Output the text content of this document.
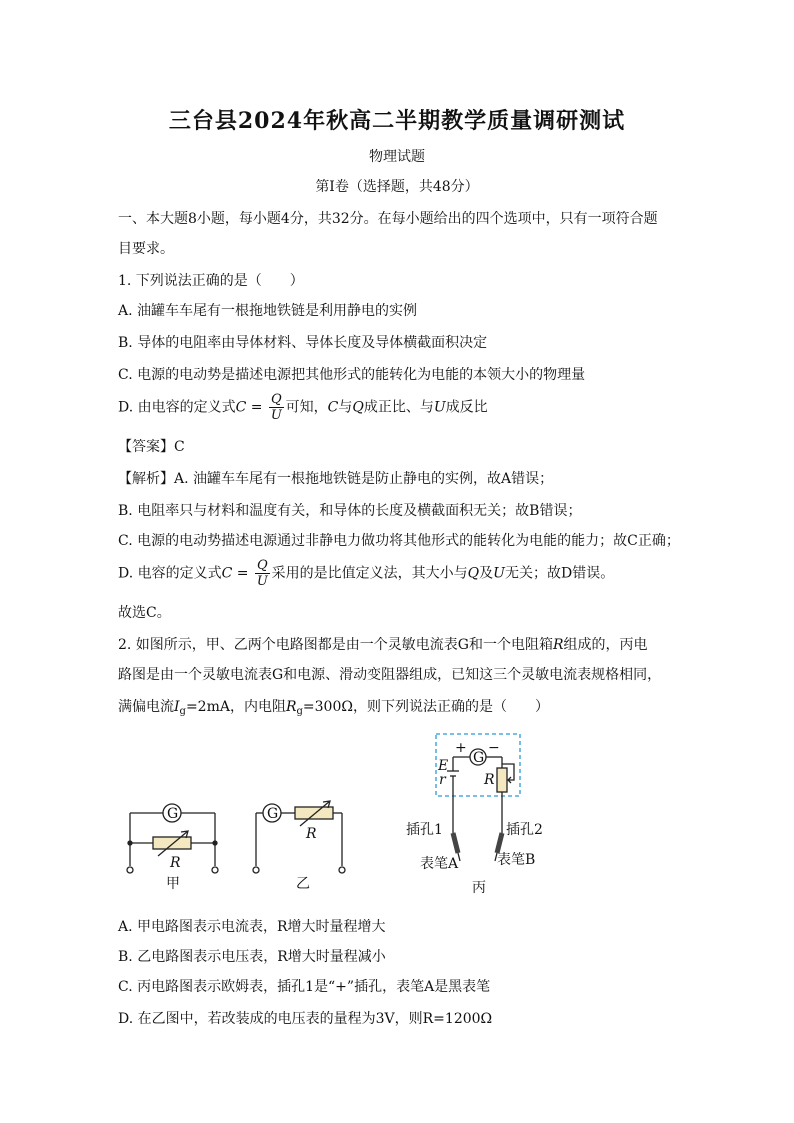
三台县2024年秋高二半期教学质量调研测试
物理试题
第Ⅰ卷（选择题，共48分）
一、本大题8小题，每小题4分，共32分。在每小题给出的四个选项中，只有一项符合题
目要求。
1. 下列说法正确的是（　　）
A. 油罐车车尾有一根拖地铁链是利用静电的实例
B. 导体的电阻率由导体材料、导体长度及导体横截面积决定
C. 电源的电动势是描述电源把其他形式的能转化为电能的本领大小的物理量
D. 由电容的定义式$C = \frac{Q}{U}$ 可知，C与Q成正比、与U成反比
【答案】C
【解析】A. 油罐车车尾有一根拖地铁链是防止静电的实例，故A错误；
B. 电阻率只与材料和温度有关，和导体的长度及横截面积无关；故B错误；
C. 电源的电动势描述电源通过非静电力做功将其他形式的能转化为电能的能力；故C正确；
D. 电容的定义式$C = \frac{Q}{U}$ 采用的是比值定义法，其大小与Q及U无关；故D错误。
故选C。
2. 如图所示，甲、乙两个电路图都是由一个灵敏电流表G和一个电阻箱R组成的，丙电
路图是由一个灵敏电流表G和电源、滑动变阻器组成，已知这三个灵敏电流表规格相同，
满偏电流$I_g=2mA$，内电阻$R_g=300\Omega$，则下列说法正确的是（　　）
G
R
G
R
G
+ −
E
r	R
插孔1	插孔2
表笔A	表笔B
甲	乙	丙
A. 甲电路图表示电流表，R增大时量程增大
B. 乙电路图表示电压表，R增大时量程减小
C. 丙电路图表示欧姆表，插孔1是“+”插孔，表笔A是黑表笔
D. 在乙图中，若改装成的电压表的量程为3V，则R=1200Ω
